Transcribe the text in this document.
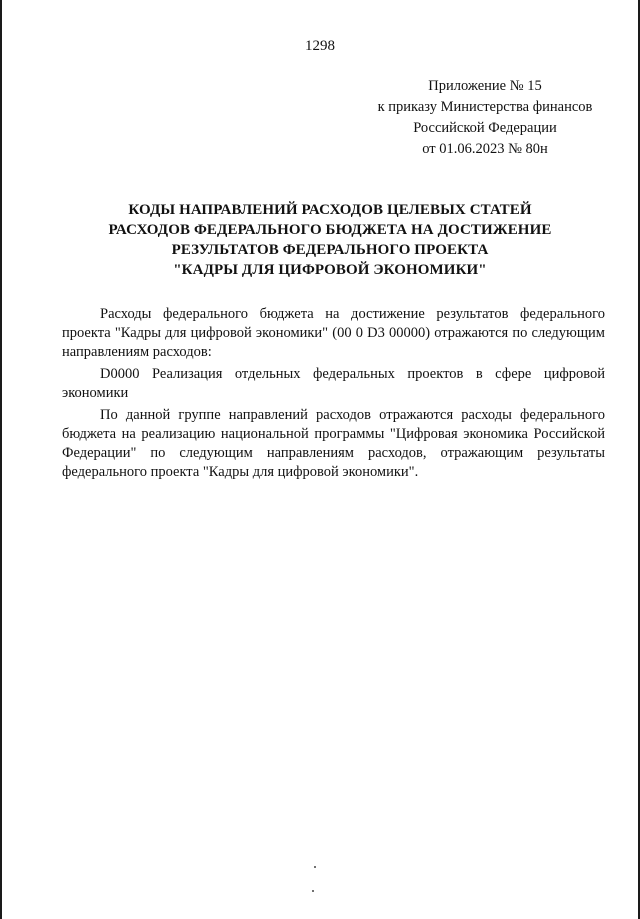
1298
Приложение № 15
к приказу Министерства финансов
Российской Федерации
от 01.06.2023 № 80н
КОДЫ НАПРАВЛЕНИЙ РАСХОДОВ ЦЕЛЕВЫХ СТАТЕЙ
РАСХОДОВ ФЕДЕРАЛЬНОГО БЮДЖЕТА НА ДОСТИЖЕНИЕ
РЕЗУЛЬТАТОВ ФЕДЕРАЛЬНОГО ПРОЕКТА
"КАДРЫ ДЛЯ ЦИФРОВОЙ ЭКОНОМИКИ"

Расходы федерального бюджета на достижение результатов федерального проекта "Кадры для цифровой экономики" (00 0 D3 00000) отражаются по следующим направлениям расходов:

D0000 Реализация отдельных федеральных проектов в сфере цифровой экономики

По данной группе направлений расходов отражаются расходы федерального бюджета на реализацию национальной программы "Цифровая экономика Российской Федерации" по следующим направлениям расходов, отражающим результаты федерального проекта "Кадры для цифровой экономики".
